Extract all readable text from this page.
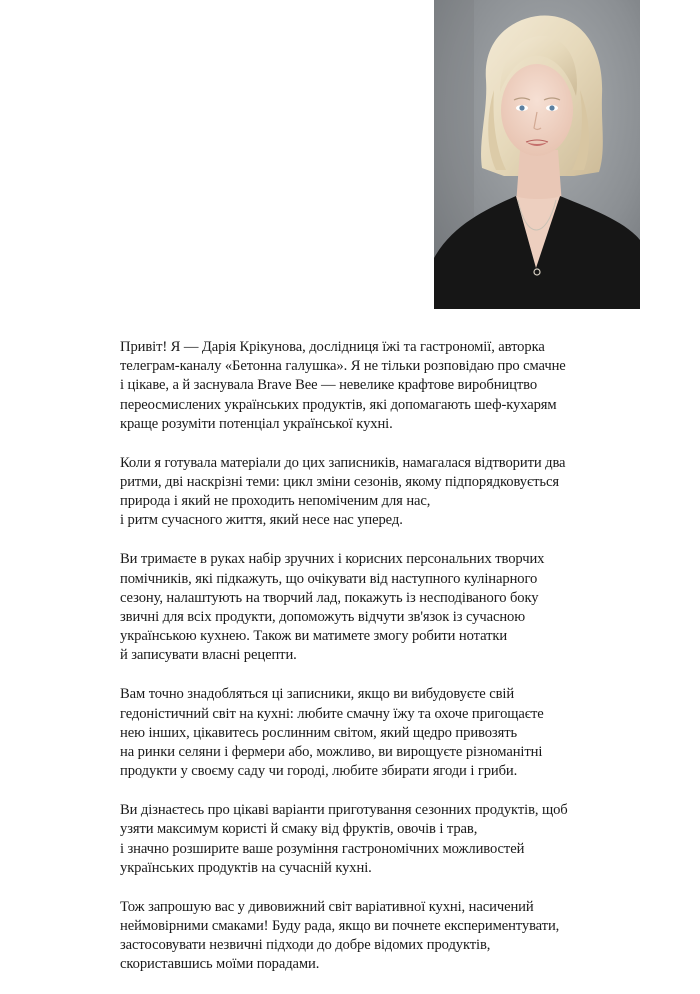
Привіт! Я — Дарія Крікунова, дослідниця їжі та гастрономії, авторка
телеграм-каналу «Бетонна галушка». Я не тільки розповідаю про смачне
і цікаве, а й заснувала Brave Bee — невелике крафтове виробництво
переосмислених українських продуктів, які допомагають шеф-кухарям
краще розуміти потенціал української кухні.

Коли я готувала матеріали до цих записників, намагалася відтворити два
ритми, дві наскрізні теми: цикл зміни сезонів, якому підпорядковується
природа і який не проходить непоміченим для нас,
і ритм сучасного життя, який несе нас уперед.

Ви тримаєте в руках набір зручних і корисних персональних творчих
помічників, які підкажуть, що очікувати від наступного кулінарного
сезону, налаштують на творчий лад, покажуть із несподіваного боку
звичні для всіх продукти, допоможуть відчути зв'язок із сучасною
українською кухнею. Також ви матимете змогу робити нотатки
й записувати власні рецепти.

Вам точно знадобляться ці записники, якщо ви вибудовуєте свій
гедоністичний світ на кухні: любите смачну їжу та охоче пригощаєте
нею інших, цікавитесь рослинним світом, який щедро привозять
на ринки селяни і фермери або, можливо, ви вирощуєте різноманітні
продукти у своєму саду чи городі, любите збирати ягоди і гриби.

Ви дізнаєтесь про цікаві варіанти приготування сезонних продуктів, щоб
узяти максимум користі й смаку від фруктів, овочів і трав,
і значно розширите ваше розуміння гастрономічних можливостей
українських продуктів на сучасній кухні.

Тож запрошую вас у дивовижний світ варіативної кухні, насичений
неймовірними смаками! Буду рада, якщо ви почнете експериментувати,
застосовувати незвичні підходи до добре відомих продуктів,
скориставшись моїми порадами.
